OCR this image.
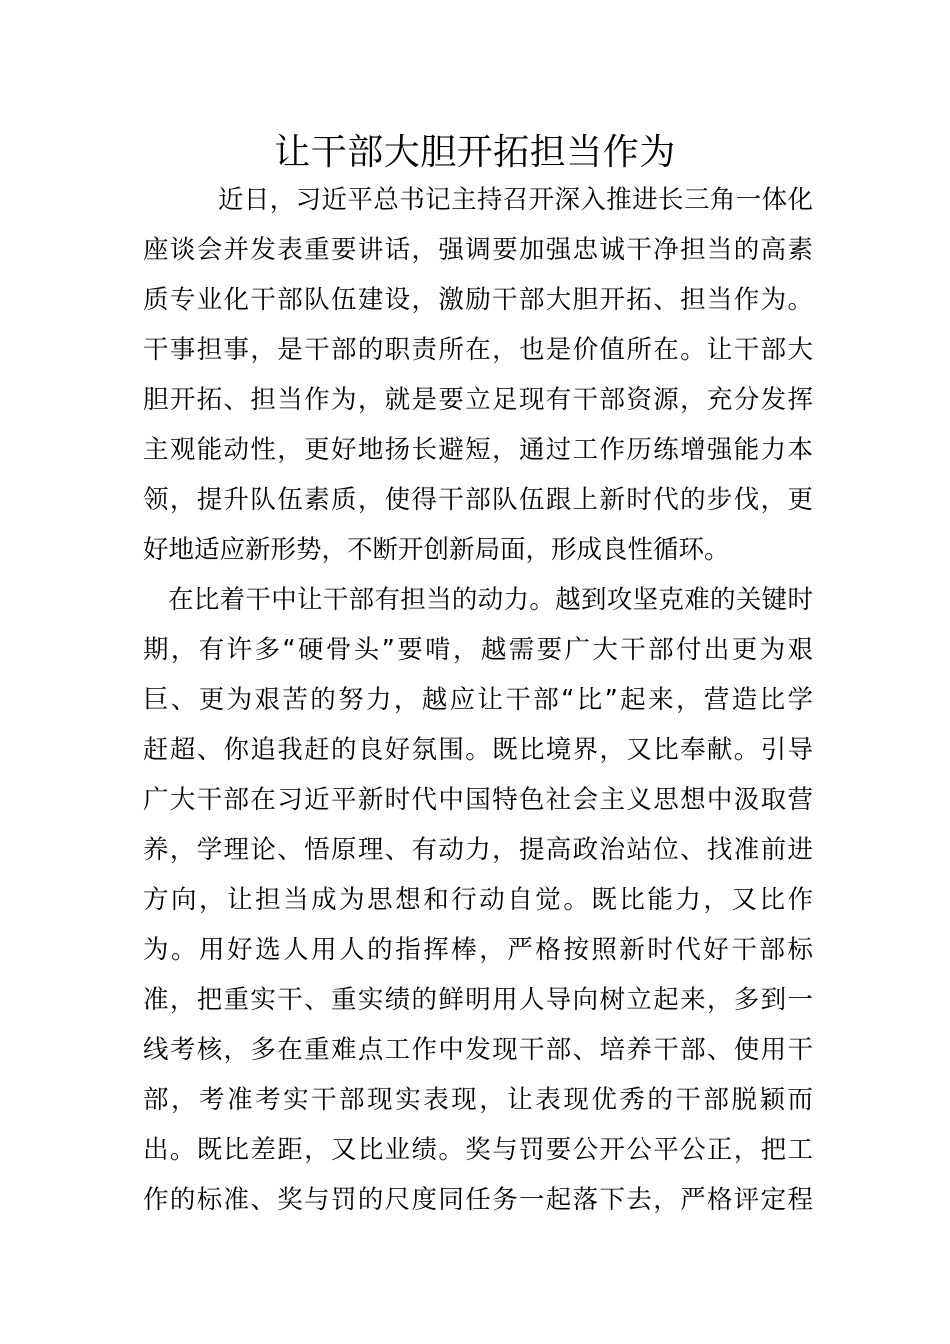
让干部大胆开拓担当作为
近日，习近平总书记主持召开深入推进长三角一体化
座谈会并发表重要讲话，强调要加强忠诚干净担当的高素
质专业化干部队伍建设，激励干部大胆开拓、担当作为。
干事担事，是干部的职责所在，也是价值所在。让干部大
胆开拓、担当作为，就是要立足现有干部资源，充分发挥
主观能动性，更好地扬长避短，通过工作历练增强能力本
领，提升队伍素质，使得干部队伍跟上新时代的步伐，更
好地适应新形势，不断开创新局面，形成良性循环。
在比着干中让干部有担当的动力。越到攻坚克难的关键时
期，有许多“硬骨头”要啃，越需要广大干部付出更为艰
巨、更为艰苦的努力，越应让干部“比”起来，营造比学
赶超、你追我赶的良好氛围。既比境界，又比奉献。引导
广大干部在习近平新时代中国特色社会主义思想中汲取营
养，学理论、悟原理、有动力，提高政治站位、找准前进
方向，让担当成为思想和行动自觉。既比能力，又比作
为。用好选人用人的指挥棒，严格按照新时代好干部标
准，把重实干、重实绩的鲜明用人导向树立起来，多到一
线考核，多在重难点工作中发现干部、培养干部、使用干
部，考准考实干部现实表现，让表现优秀的干部脱颖而
出。既比差距，又比业绩。奖与罚要公开公平公正，把工
作的标准、奖与罚的尺度同任务一起落下去，严格评定程
